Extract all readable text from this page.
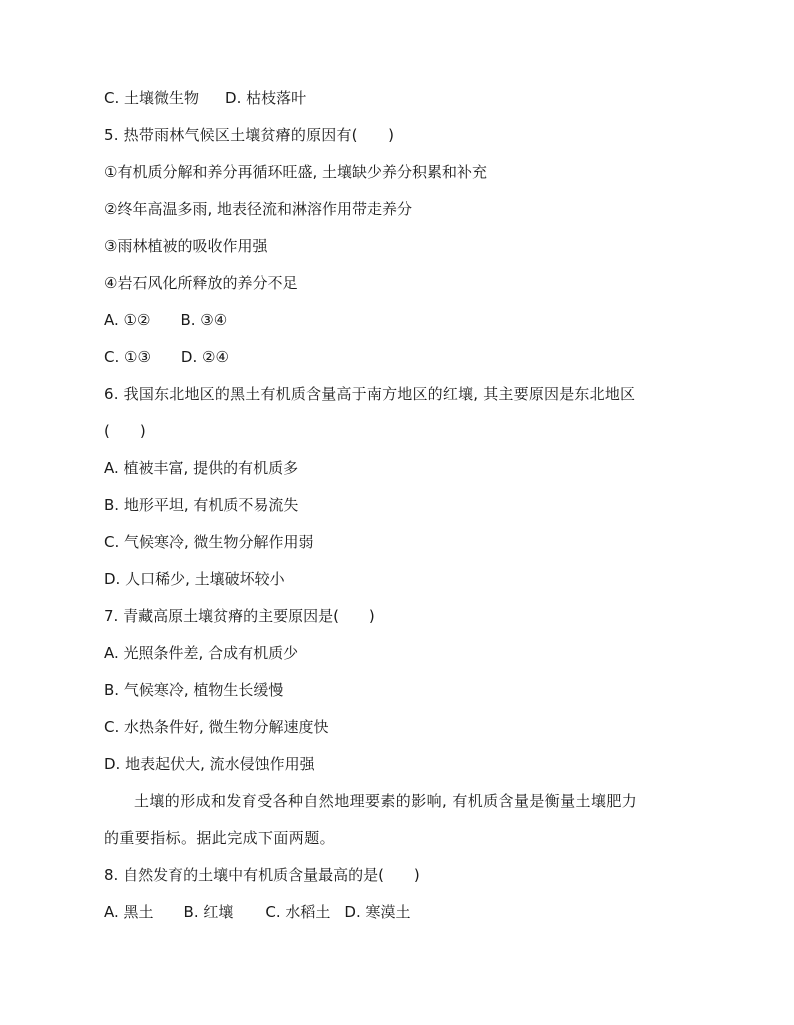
C. 土壤微生物 D. 枯枝落叶
5. 热带雨林气候区土壤贫瘠的原因有(　　)
①有机质分解和养分再循环旺盛, 土壤缺少养分积累和补充
②终年高温多雨, 地表径流和淋溶作用带走养分
③雨林植被的吸收作用强
④岩石风化所释放的养分不足
A. ①② B. ③④
C. ①③ D. ②④
6. 我国东北地区的黑土有机质含量高于南方地区的红壤, 其主要原因是东北地区
(　　)
A. 植被丰富, 提供的有机质多
B. 地形平坦, 有机质不易流失
C. 气候寒冷, 微生物分解作用弱
D. 人口稀少, 土壤破坏较小
7. 青藏高原土壤贫瘠的主要原因是(　　)
A. 光照条件差, 合成有机质少
B. 气候寒冷, 植物生长缓慢
C. 水热条件好, 微生物分解速度快
D. 地表起伏大, 流水侵蚀作用强
土壤的形成和发育受各种自然地理要素的影响, 有机质含量是衡量土壤肥力
的重要指标。据此完成下面两题。
8. 自然发育的土壤中有机质含量最高的是(　　)
A. 黑土 B. 红壤 C. 水稻土 D. 寒漠土
